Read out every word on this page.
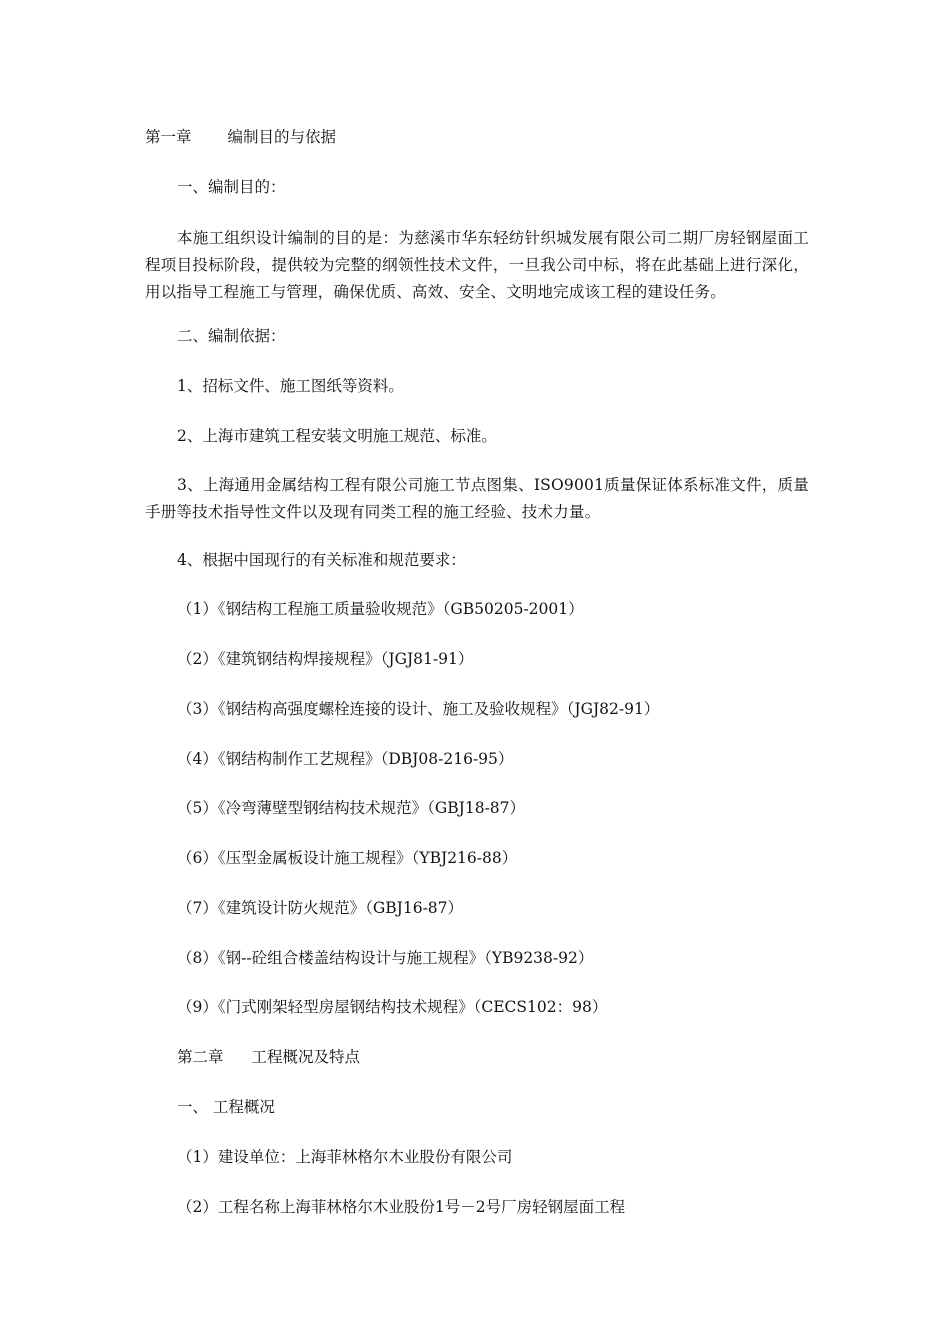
第一章 编制目的与依据
一、编制目的：
本施工组织设计编制的目的是：为慈溪市华东轻纺针织城发展有限公司二期厂房轻钢屋面工程项目投标阶段，提供较为完整的纲领性技术文件，一旦我公司中标，将在此基础上进行深化，用以指导工程施工与管理，确保优质、高效、安全、文明地完成该工程的建设任务。
二、编制依据：
1、招标文件、施工图纸等资料。
2、上海市建筑工程安装文明施工规范、标准。
3、上海通用金属结构工程有限公司施工节点图集、ISO9001质量保证体系标准文件，质量手册等技术指导性文件以及现有同类工程的施工经验、技术力量。
4、根据中国现行的有关标准和规范要求：
（1）《钢结构工程施工质量验收规范》（GB50205-2001）
（2）《建筑钢结构焊接规程》（JGJ81-91）
（3）《钢结构高强度螺栓连接的设计、施工及验收规程》（JGJ82-91）
（4）《钢结构制作工艺规程》（DBJ08-216-95）
（5）《冷弯薄壁型钢结构技术规范》（GBJ18-87）
（6）《压型金属板设计施工规程》（YBJ216-88）
（7）《建筑设计防火规范》（GBJ16-87）
（8）《钢--砼组合楼盖结构设计与施工规程》（YB9238-92）
（9）《门式刚架轻型房屋钢结构技术规程》（CECS102：98）
第二章 工程概况及特点
一、 工程概况
（1）建设单位：上海菲林格尔木业股份有限公司
（2）工程名称上海菲林格尔木业股份1号－2号厂房轻钢屋面工程
